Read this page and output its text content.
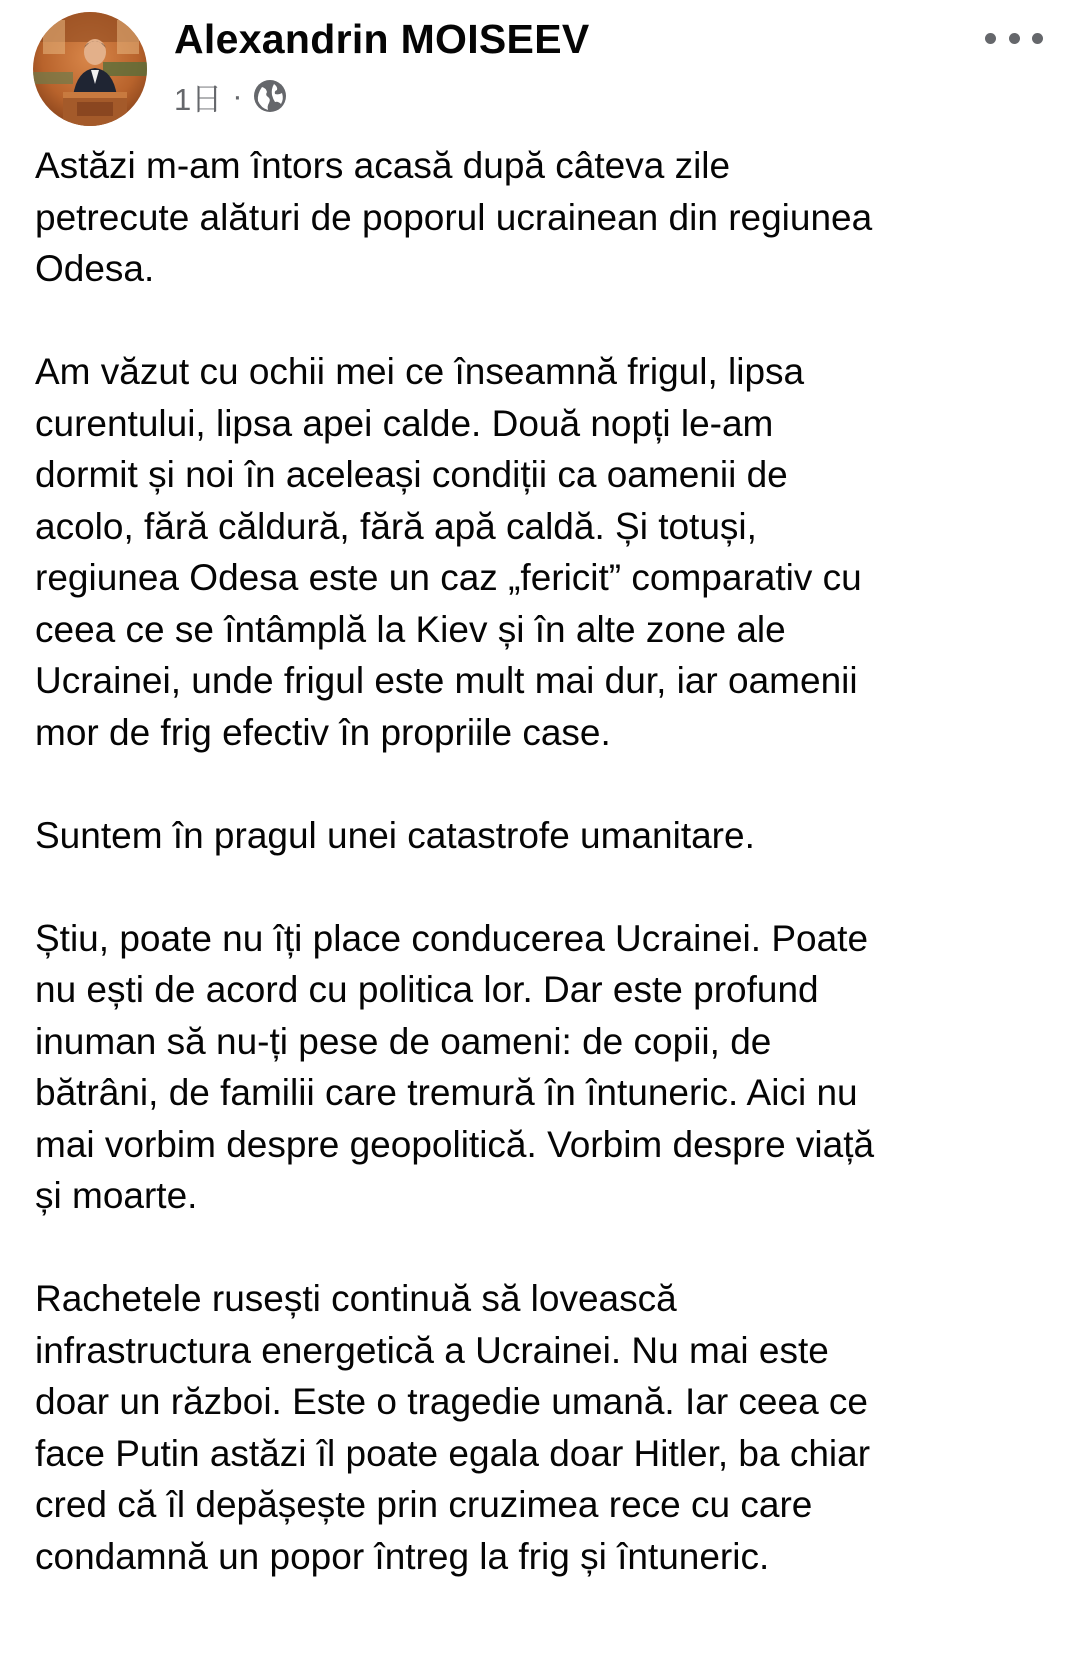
Alexandrin MOISEEV
1日 ·

Astăzi m-am întors acasă după câteva zile
petrecute alături de poporul ucrainean din regiunea
Odesa.

Am văzut cu ochii mei ce înseamnă frigul, lipsa
curentului, lipsa apei calde. Două nopți le-am
dormit și noi în aceleași condiții ca oamenii de
acolo, fără căldură, fără apă caldă. Și totuși,
regiunea Odesa este un caz „fericit” comparativ cu
ceea ce se întâmplă la Kiev și în alte zone ale
Ucrainei, unde frigul este mult mai dur, iar oamenii
mor de frig efectiv în propriile case.

Suntem în pragul unei catastrofe umanitare.

Știu, poate nu îți place conducerea Ucrainei. Poate
nu ești de acord cu politica lor. Dar este profund
inuman să nu-ți pese de oameni: de copii, de
bătrâni, de familii care tremură în întuneric. Aici nu
mai vorbim despre geopolitică. Vorbim despre viață
și moarte.

Rachetele rusești continuă să lovească
infrastructura energetică a Ucrainei. Nu mai este
doar un război. Este o tragedie umană. Iar ceea ce
face Putin astăzi îl poate egala doar Hitler, ba chiar
cred că îl depășește prin cruzimea rece cu care
condamnă un popor întreg la frig și întuneric.
